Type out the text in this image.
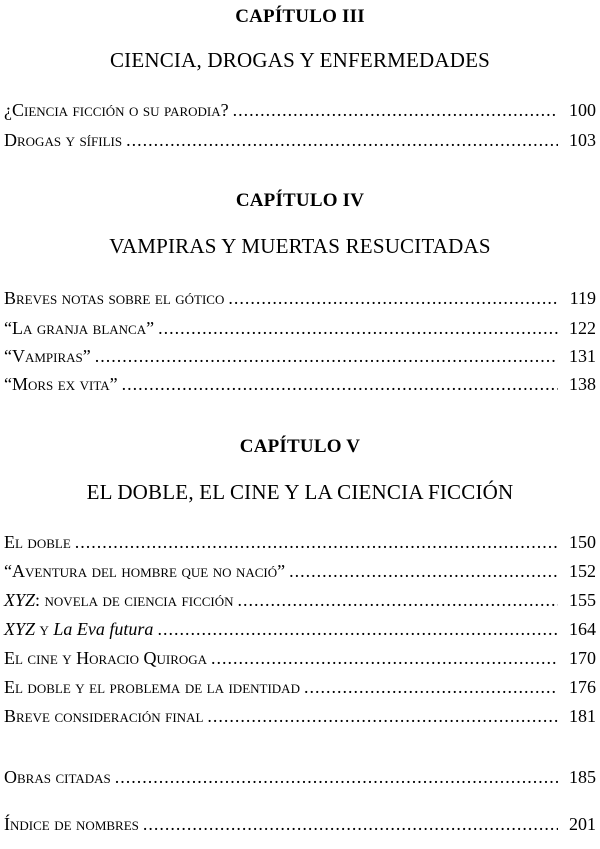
CAPÍTULO III
CIENCIA, DROGAS Y ENFERMEDADES
¿Ciencia ficción o su parodia? .....	100
Drogas y sífilis .....	103
CAPÍTULO IV
VAMPIRAS Y MUERTAS RESUCITADAS
Breves notas sobre el gótico .....	119
“La granja blanca” .....	122
“Vampiras” .....	131
“Mors ex vita” .....	138
CAPÍTULO V
EL DOBLE, EL CINE Y LA CIENCIA FICCIÓN
El doble .....	150
“Aventura del hombre que no nació” .....	152
XYZ: novela de ciencia ficción .....	155
XYZ y La Eva futura .....	164
El cine y Horacio Quiroga .....	170
El doble y el problema de la identidad .....	176
Breve consideración final .....	181
Obras citadas .....	185
Índice de nombres .....	201
